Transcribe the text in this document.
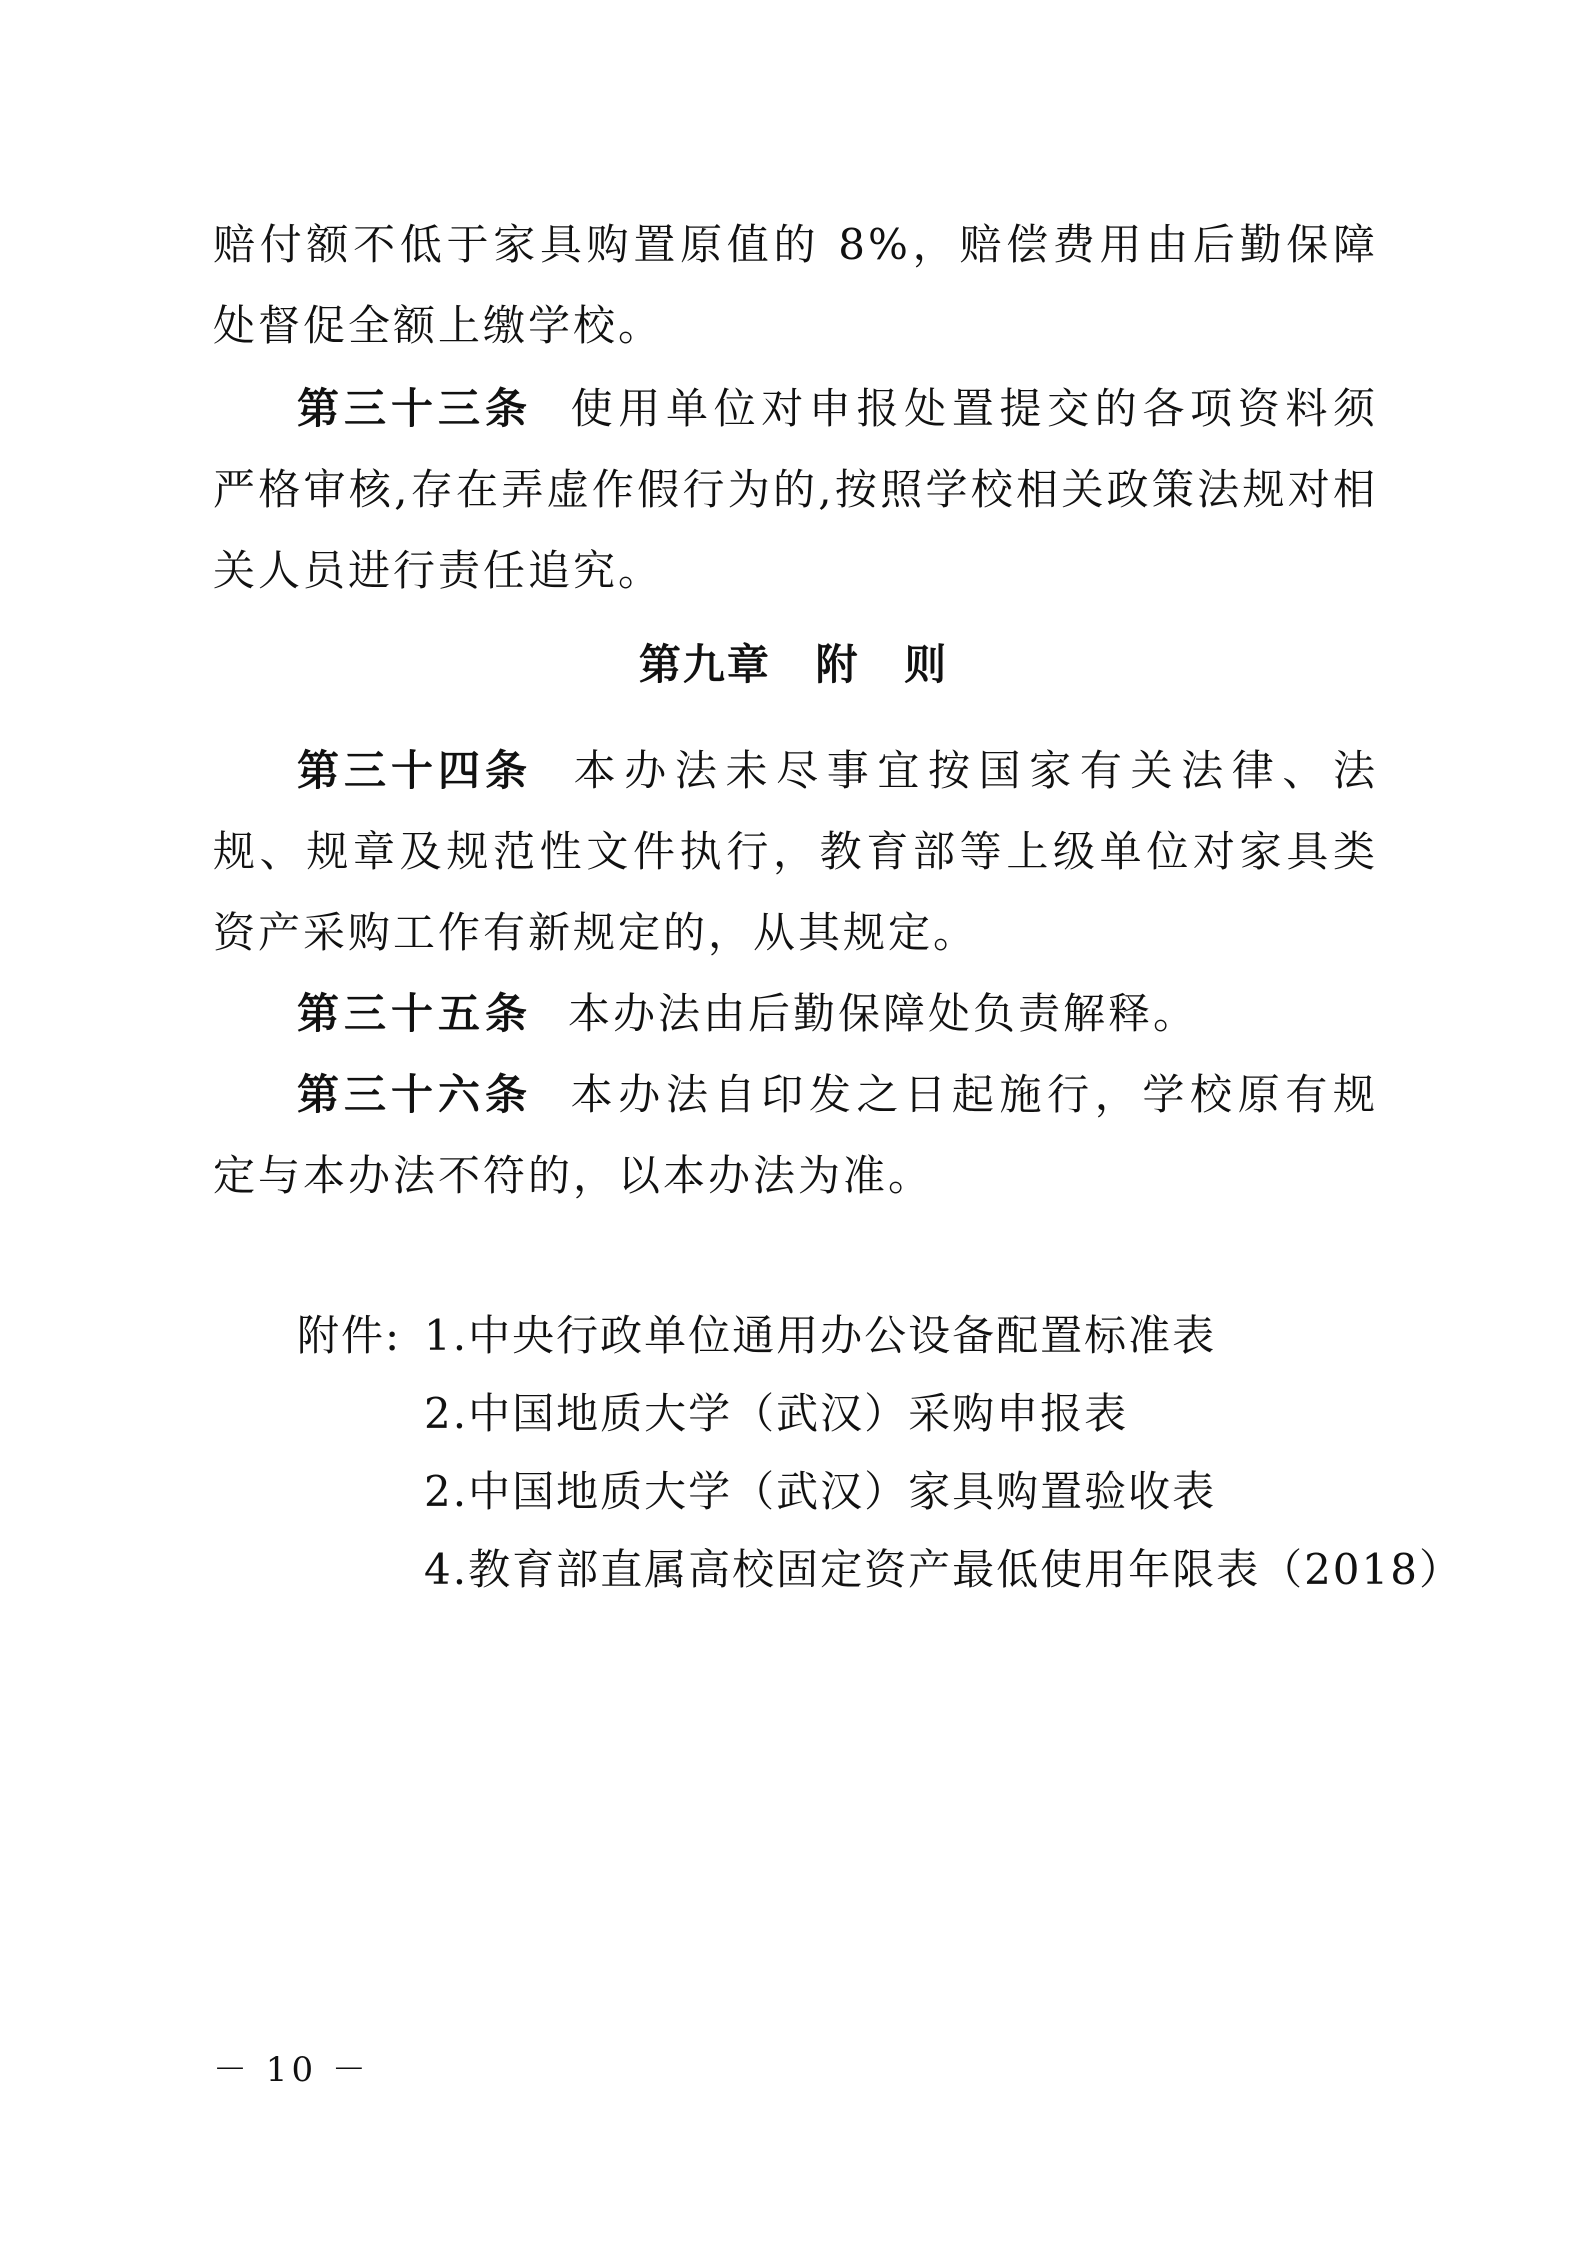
赔付额不低于家具购置原值的 8%，赔偿费用由后勤保障处督促全额上缴学校。
第三十三条 使用单位对申报处置提交的各项资料须严格审核,存在弄虚作假行为的,按照学校相关政策法规对相关人员进行责任追究。
第九章 附 则
第三十四条 本办法未尽事宜按国家有关法律、法规、规章及规范性文件执行，教育部等上级单位对家具类资产采购工作有新规定的，从其规定。
第三十五条 本办法由后勤保障处负责解释。
第三十六条 本办法自印发之日起施行，学校原有规定与本办法不符的，以本办法为准。
附件: 1.中央行政单位通用办公设备配置标准表
2.中国地质大学（武汉）采购申报表
2.中国地质大学（武汉）家具购置验收表
4.教育部直属高校固定资产最低使用年限表（2018）
－ 10 －
